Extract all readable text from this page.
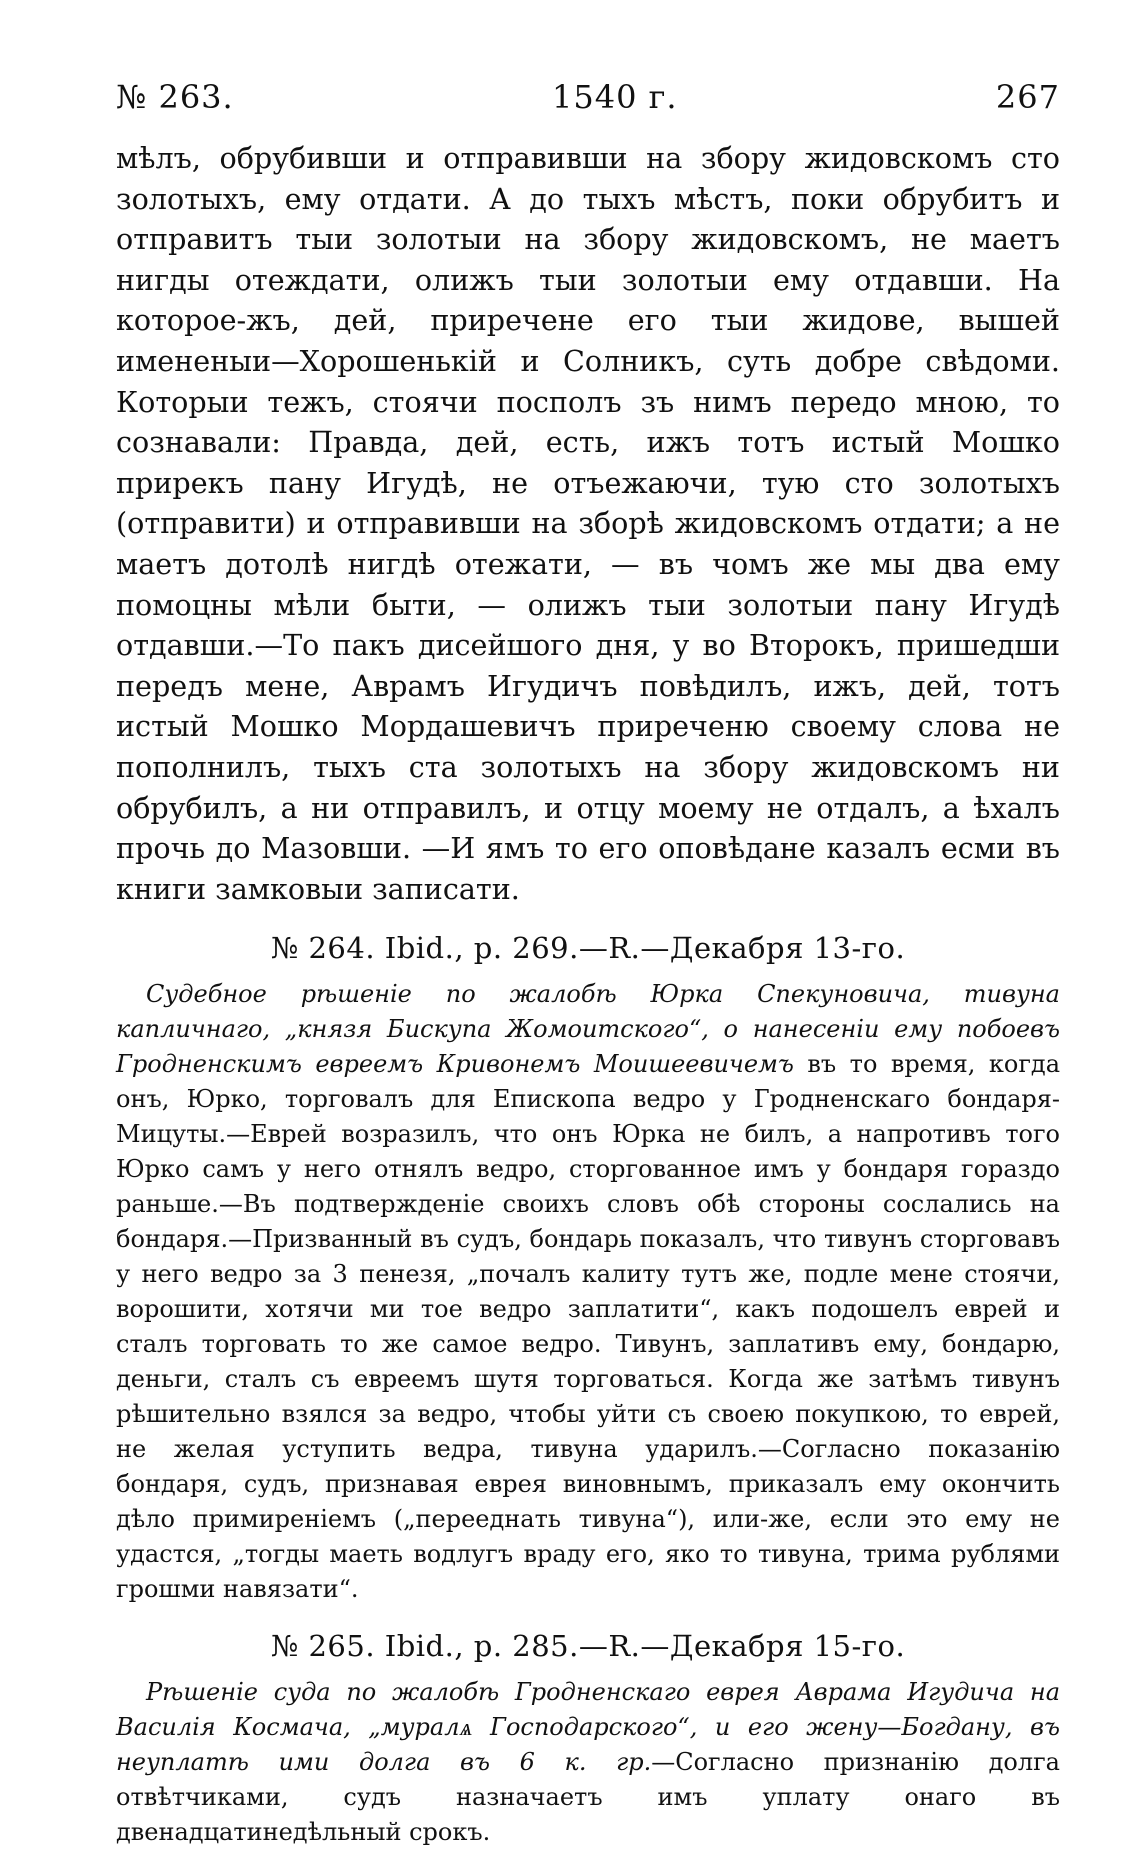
№ 263.	1540 г.	267

мѣлъ, обрубивши и отправивши на збору жидовскомъ сто золотыхъ, ему отдати. А до тыхъ мѣстъ, поки обрубитъ и отправитъ тыи золотыи на збору жидовскомъ, не маетъ нигды отеждати, олижъ тыи золотыи ему отдавши. На которое-жъ, дей, приречене его тыи жидове, вышей имененыи—Хорошенькій и Солникъ, суть добре свѣдоми. Которыи тежъ, стоячи посполъ зъ нимъ передо мною, то сознавали: Правда, дей, есть, ижъ тотъ истый Мошко прирекъ пану Игудѣ, не отъежаючи, тую сто золотыхъ (отправити) и отправивши на зборѣ жидовскомъ отдати; а не маетъ дотолѣ нигдѣ отежати, — въ чомъ же мы два ему помоцны мѣли быти, — олижъ тыи золотыи пану Игудѣ отдавши.—То пакъ дисейшого дня, у во Второкъ, пришедши передъ мене, Аврамъ Игудичъ повѣдилъ, ижъ, дей, тотъ истый Мошко Мордашевичъ приреченю своему слова не пополнилъ, тыхъ ста золотыхъ на збору жидовскомъ ни обрубилъ, а ни отправилъ, и отцу моему не отдалъ, а ѣхалъ прочь до Мазовши. —И ямъ то его оповѣдане казалъ есми въ книги замковыи записати.

№ 264. Ibid., р. 269.—R.—Декабря 13-го.

Судебное рѣшеніе по жалобѣ Юрка Спекуновича, тивуна капличнаго, „князя Бискупа Жомоитского“, о нанесеніи ему побоевъ Гродненскимъ евреемъ Кривонемъ Моишеевичемъ въ то время, когда онъ, Юрко, торговалъ для Епископа ведро у Гродненскаго бондаря-Мицуты.—Еврей возразилъ, что онъ Юрка не билъ, а напротивъ того Юрко самъ у него отнялъ ведро, сторгованное имъ у бондаря гораздо раньше.—Въ подтвержденіе своихъ словъ обѣ стороны сослались на бондаря.—Призванный въ судъ, бондарь показалъ, что тивунъ сторговавъ у него ведро за 3 пенезя, „почалъ калиту тутъ же, подле мене стоячи, ворошити, хотячи ми тое ведро заплатити“, какъ подошелъ еврей и сталъ торговать то же самое ведро. Тивунъ, заплативъ ему, бондарю, деньги, сталъ съ евреемъ шутя торговаться. Когда же затѣмъ тивунъ рѣшительно взялся за ведро, чтобы уйти съ своею покупкою, то еврей, не желая уступить ведра, тивуна ударилъ.—Согласно показанію бондаря, судъ, признавая еврея виновнымъ, приказалъ ему окончить дѣло примиреніемъ („перееднать тивуна“), или-же, если это ему не удастся, „тогды маеть водлугъ враду его, яко то тивуна, трима рублями грошми навязати“.

№ 265. Ibid., р. 285.—R.—Декабря 15-го.

Рѣшеніе суда по жалобѣ Гродненскаго еврея Аврама Игудича на Василія Космача, „муралѧ Господарского“, и его жену—Богдану, въ неуплатѣ ими долга въ 6 к. гр.—Согласно признанію долга отвѣтчиками, судъ назначаетъ имъ уплату онаго въ двенадцатинедѣльный срокъ.
